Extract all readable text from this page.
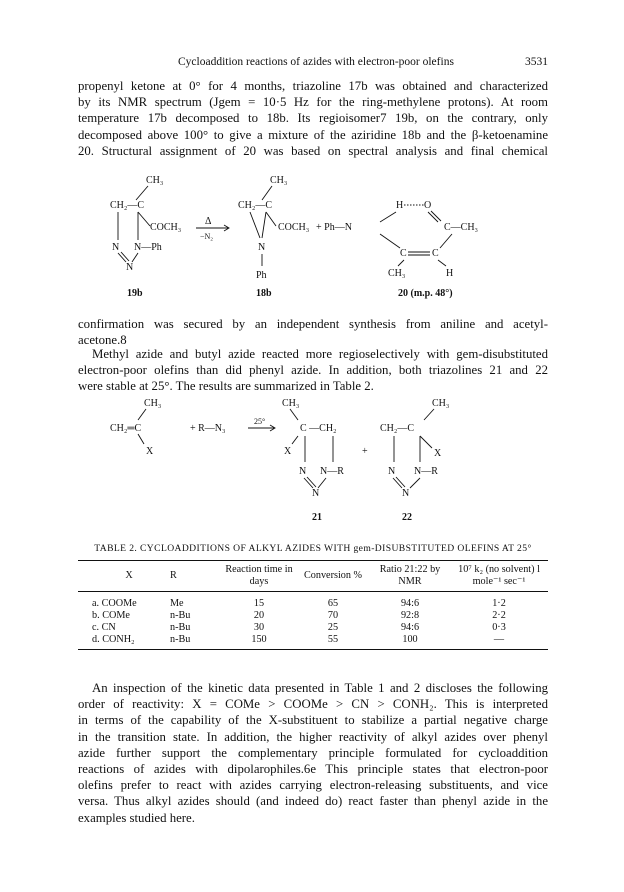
Cycloaddition reactions of azides with electron-poor olefins	3531

propenyl ketone at 0° for 4 months, triazoline 17b was obtained and characterized
by its NMR spectrum (Jgem = 10·5 Hz for the ring-methylene protons). At room
temperature 17b decomposed to 18b. Its regioisomer7 19b, on the contrary, only
decomposed above 100° to give a mixture of the aziridine 18b and the β-ketoenamine
20. Structural assignment of 20 was based on spectral analysis and final chemical

CH₃
CH₂—C
COCH₃
N N—Ph
N
19b
Δ
−N₂
CH₃
CH₂—C
COCH₃
N
Ph
18b
+ Ph—N
H O
C—CH₃
C	C
CH₃	H
20 (m.p. 48°)
CH₃
CH₂═C
X
+ R—N₃
25°
CH₃
C —CH₂
X
N N—R
N
21
+
CH₃
CH₂—C
X
N N—R
N
22

confirmation was secured by an independent synthesis from aniline and acetyl-
acetone.8

Methyl azide and butyl azide reacted more regioselectively with gem-disubstituted
electron-poor olefins than did phenyl azide. In addition, both triazolines 21 and 22
were stable at 25°. The results are summarized in Table 2.

TABLE 2. CYCLOADDITIONS OF ALKYL AZIDES WITH gem-DISUBSTITUTED OLEFINS AT 25°
X	R	Reaction time in days	Conversion %	Ratio 21:22 by NMR	10⁷ k₂ (no solvent) l mole⁻¹ sec⁻¹
a. COOMe	Me	15	65	94:6	1·2
b. COMe	n-Bu	20	70	92:8	2·2
c. CN	n-Bu	30	25	94:6	0·3
d. CONH₂	n-Bu	150	55	100	—

An inspection of the kinetic data presented in Table 1 and 2 discloses the following
order of reactivity: X = COMe > COOMe > CN > CONH₂. This is interpreted
in terms of the capability of the X-substituent to stabilize a partial negative charge
in the transition state. In addition, the higher reactivity of alkyl azides over phenyl
azide further support the complementary principle formulated for cycloaddition
reactions of azides with dipolarophiles.6e This principle states that electron-poor
olefins prefer to react with azides carrying electron-releasing substituents, and vice
versa. Thus alkyl azides should (and indeed do) react faster than phenyl azide in the
examples studied here.
